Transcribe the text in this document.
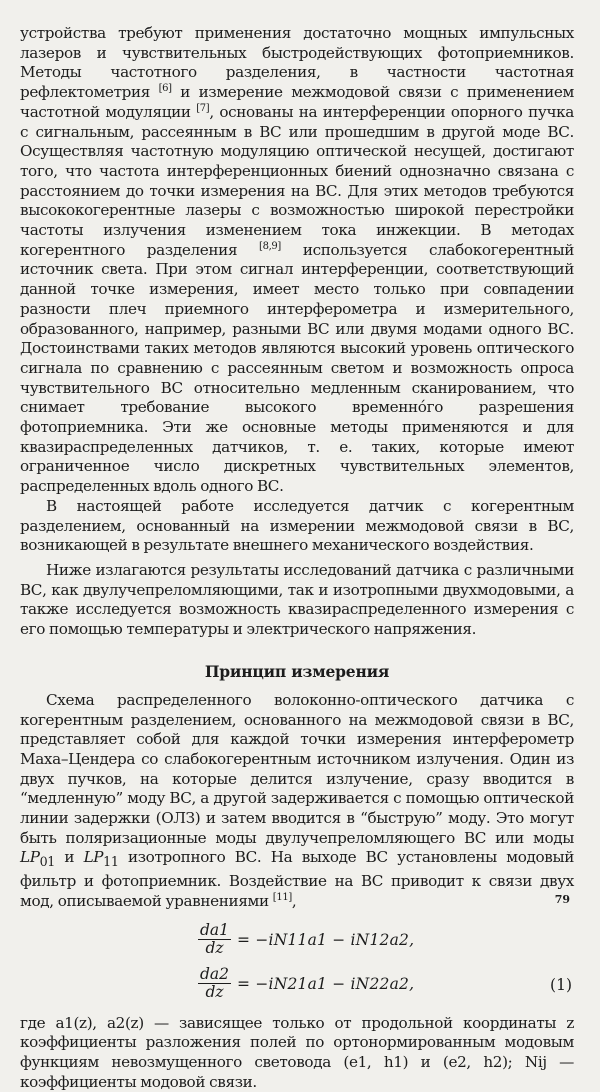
устройства требуют применения достаточно мощных импульсных лазеров и чувствительных быстродействующих фотоприемников. Методы частотного разделения, в частности частотная рефлектометрия [6] и измерение межмодовой связи с применением частотной модуляции [7], основаны на интерференции опорного пучка с сигнальным, рассеянным в ВС или прошедшим в другой моде ВС. Осуществляя частотную модуляцию оптической несущей, достигают того, что частота интерференционных биений однозначно связана с расстоянием до точки измерения на ВС. Для этих методов требуются высококогерентные лазеры с возможностью широкой перестройки частоты излучения изменением тока инжекции. В методах когерентного разделения [8,9] используется слабокогерентный источник света. При этом сигнал интерференции, соответствующий данной точке измерения, имеет место только при совпадении разности плеч приемного интерферометра и измерительного, образованного, например, разными ВС или двумя модами одного ВС. Достоинствами таких методов являются высокий уровень оптического сигнала по сравнению с рассеянным светом и возможность опроса чувствительного ВС относительно медленным сканированием, что снимает требование высокого временно́го разрешения фотоприемника. Эти же основные методы применяются и для квазираспределенных датчиков, т. е. таких, которые имеют ограниченное число дискретных чувствительных элементов, распределенных вдоль одного ВС.

В настоящей работе исследуется датчик с когерентным разделением, основанный на измерении межмодовой связи в ВС, возникающей в результате внешнего механического воздействия.

Ниже излагаются результаты исследований датчика с различными ВС, как двулучепреломляющими, так и изотропными двухмодовыми, а также исследуется возможность квазираспределенного измерения с его помощью температуры и электрического напряжения.

Принцип измерения

Схема распределенного волоконно-оптического датчика с когерентным разделением, основанного на межмодовой связи в ВС, представляет собой для каждой точки измерения интерферометр Маха–Цендера со слабокогерентным источником излучения. Один из двух пучков, на которые делится излучение, сразу вводится в “медленную” моду ВС, а другой задерживается с помощью оптической линии задержки (ОЛЗ) и затем вводится в “быструю” моду. Это могут быть поляризационные моды двулучепреломляющего ВС или моды $LP_{01}$ и $LP_{11}$ изотропного ВС. На выходе ВС установлены модовый фильтр и фотоприемник. Воздействие на ВС приводит к связи двух мод, описываемой уравнениями [11],

$\frac{da1}{dz} = -iN11a1 - iN12a2$,
$\frac{da2}{dz} = -iN21a1 - iN22a2$,	(1)

где a1(z), a2(z) — зависящее только от продольной координаты z коэффициенты разложения полей по ортонормированным модовым функциям невозмущенного световода (e1, h1) и (e2, h2); Nij — коэффициенты модовой связи.

79
